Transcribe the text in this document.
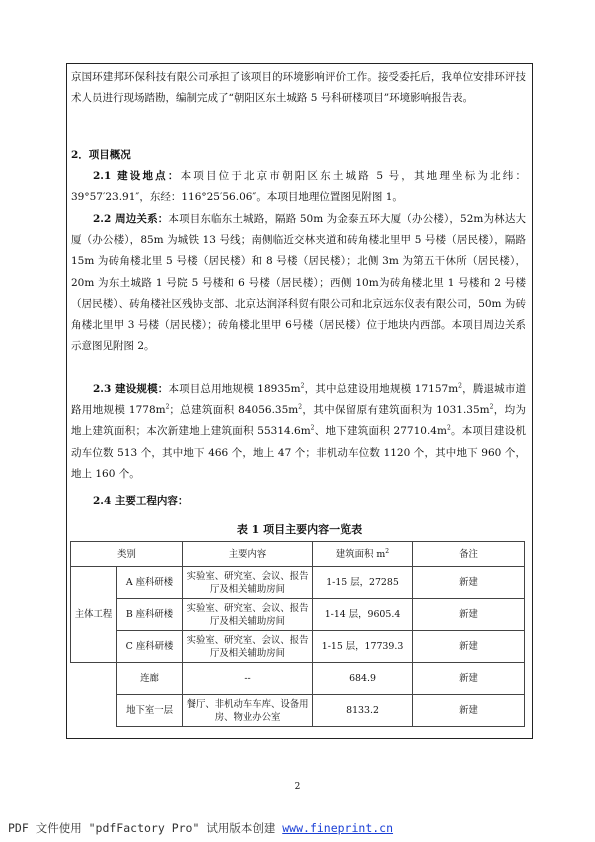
京国环建邦环保科技有限公司承担了该项目的环境影响评价工作。接受委托后，我单位安排环评技术人员进行现场踏勘，编制完成了“朝阳区东土城路 5 号科研楼项目”环境影响报告表。

2．项目概况

2.1 建设地点：本项目位于北京市朝阳区东土城路 5 号，其地理坐标为北纬：39°57′23.91″，东经：116°25′56.06″。本项目地理位置图见附图 1。

2.2 周边关系：本项目东临东土城路，隔路 50m 为金泰五环大厦（办公楼），52m为林达大厦（办公楼），85m 为城铁 13 号线；南侧临近交林夹道和砖角楼北里甲 5 号楼（居民楼），隔路 15m 为砖角楼北里 5 号楼（居民楼）和 8 号楼（居民楼）；北侧 3m 为第五干休所（居民楼），20m 为东土城路 1 号院 5 号楼和 6 号楼（居民楼）；西侧 10m为砖角楼北里 1 号楼和 2 号楼（居民楼）、砖角楼社区残协支部、北京达润泽科贸有限公司和北京远东仪表有限公司，50m 为砖角楼北里甲 3 号楼（居民楼）；砖角楼北里甲 6号楼（居民楼）位于地块内西部。本项目周边关系示意图见附图 2。

2.3 建设规模：本项目总用地规模 $18935m^2$，其中总建设用地规模 $17157m^2$，腾退城市道路用地规模 $1778m^2$；总建筑面积 $84056.35m^2$，其中保留原有建筑面积为 $1031.35m^2$，均为地上建筑面积；本次新建地上建筑面积 $55314.6m^2$、地下建筑面积 $27710.4m^2$。本项目建设机动车位数 513 个，其中地下 466 个，地上 47 个；非机动车位数 1120 个，其中地下 960 个，地上 160 个。

2.4 主要工程内容：

表 1 项目主要内容一览表
类别		主要内容	建筑面积 $m^2$	备注
主体工程	A 座科研楼	实验室、研究室、会议、报告厅及相关辅助房间	1-15 层，27285	新建
	B 座科研楼	实验室、研究室、会议、报告厅及相关辅助房间	1-14 层，9605.4	新建
	C 座科研楼	实验室、研究室、会议、报告厅及相关辅助房间	1-15 层，17739.3	新建
	连廊	--	684.9	新建
	地下室一层	餐厅、非机动车车库、设备用房、物业办公室	8133.2	新建
2
PDF 文件使用 "pdfFactory Pro" 试用版本创建 www.fineprint.cn
